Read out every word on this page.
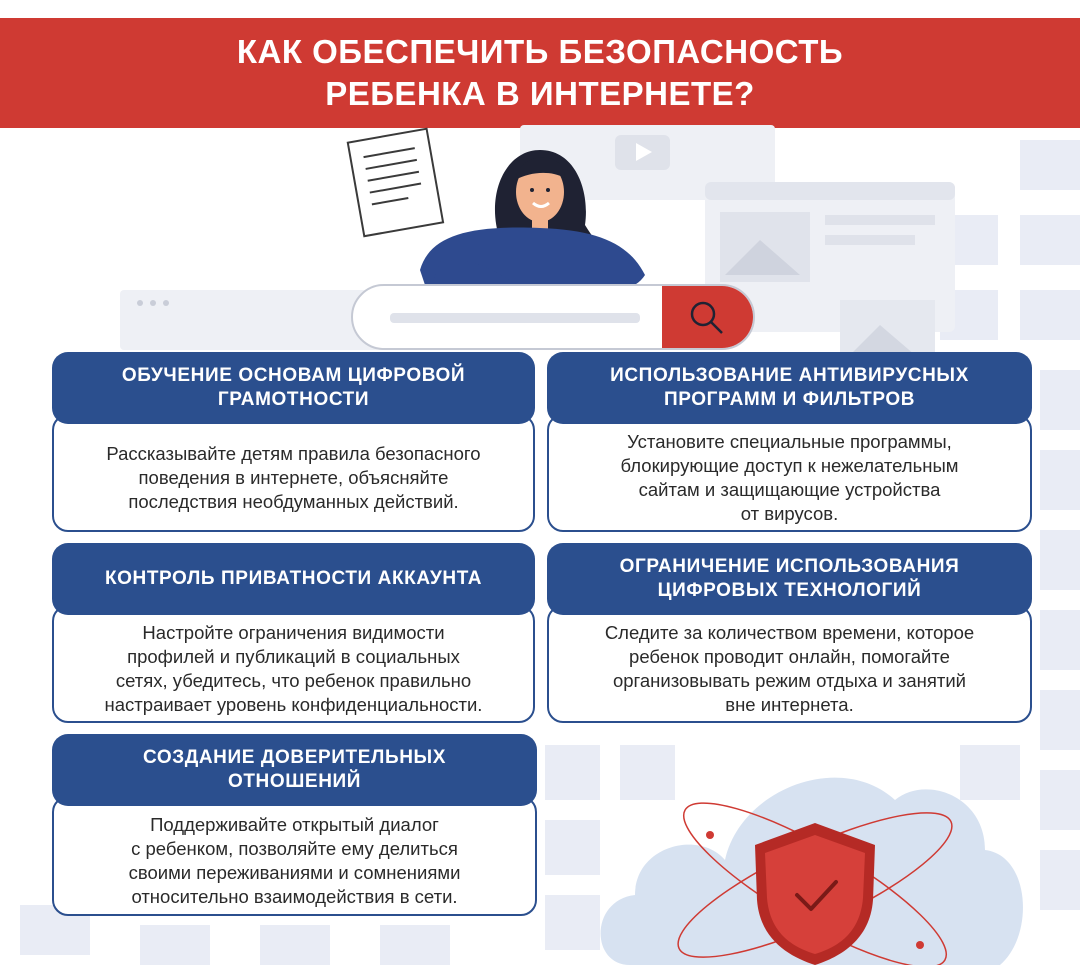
КАК ОБЕСПЕЧИТЬ БЕЗОПАСНОСТЬ
РЕБЕНКА В ИНТЕРНЕТЕ?
ОБУЧЕНИЕ ОСНОВАМ ЦИФРОВОЙ
ГРАМОТНОСТИ
Рассказывайте детям правила безопасного
поведения в интернете, объясняйте
последствия необдуманных действий.
ИСПОЛЬЗОВАНИЕ АНТИВИРУСНЫХ
ПРОГРАММ И ФИЛЬТРОВ
Установите специальные программы,
блокирующие доступ к нежелательным
сайтам и защищающие устройства
от вирусов.
КОНТРОЛЬ ПРИВАТНОСТИ АККАУНТА
Настройте ограничения видимости
профилей и публикаций в социальных
сетях, убедитесь, что ребенок правильно
настраивает уровень конфиденциальности.
ОГРАНИЧЕНИЕ ИСПОЛЬЗОВАНИЯ
ЦИФРОВЫХ ТЕХНОЛОГИЙ
Следите за количеством времени, которое
ребенок проводит онлайн, помогайте
организовывать режим отдыха и занятий
вне интернета.
СОЗДАНИЕ ДОВЕРИТЕЛЬНЫХ
ОТНОШЕНИЙ
Поддерживайте открытый диалог
с ребенком, позволяйте ему делиться
своими переживаниями и сомнениями
относительно взаимодействия в сети.
